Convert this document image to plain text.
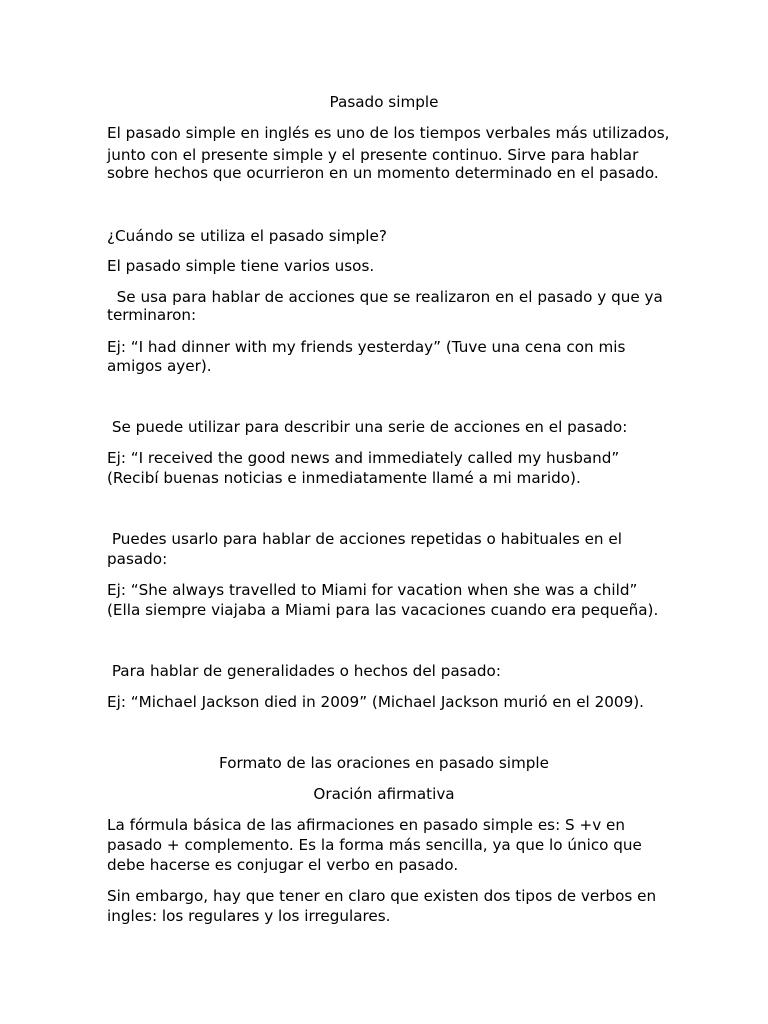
Pasado simple

El pasado simple en inglés es uno de los tiempos verbales más utilizados,

junto con el presente simple y el presente continuo. Sirve para hablar

sobre hechos que ocurrieron en un momento determinado en el pasado.

¿Cuándo se utiliza el pasado simple?

El pasado simple tiene varios usos.

Se usa para hablar de acciones que se realizaron en el pasado y que ya

terminaron:

Ej: “I had dinner with my friends yesterday” (Tuve una cena con mis

amigos ayer).

Se puede utilizar para describir una serie de acciones en el pasado:

Ej: “I received the good news and immediately called my husband”

(Recibí buenas noticias e inmediatamente llamé a mi marido).

Puedes usarlo para hablar de acciones repetidas o habituales en el

pasado:

Ej: “She always travelled to Miami for vacation when she was a child”

(Ella siempre viajaba a Miami para las vacaciones cuando era pequeña).

Para hablar de generalidades o hechos del pasado:

Ej: “Michael Jackson died in 2009” (Michael Jackson murió en el 2009).

Formato de las oraciones en pasado simple

Oración afirmativa

La fórmula básica de las afirmaciones en pasado simple es: S +v en

pasado + complemento. Es la forma más sencilla, ya que lo único que

debe hacerse es conjugar el verbo en pasado.

Sin embargo, hay que tener en claro que existen dos tipos de verbos en

ingles: los regulares y los irregulares.
